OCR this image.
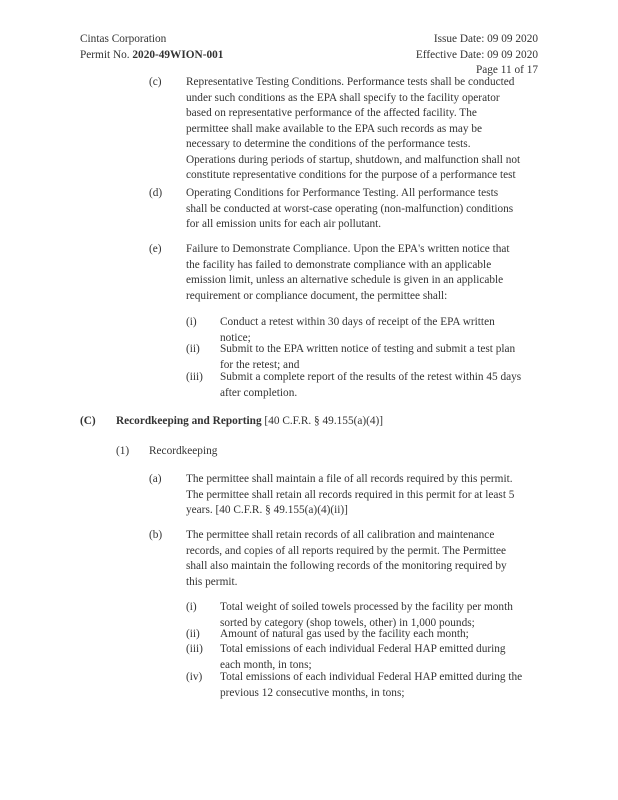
Cintas Corporation
Permit No. 2020-49WION-001
Issue Date: 09 09 2020
Effective Date: 09 09 2020
Page 11 of 17
(c) Representative Testing Conditions. Performance tests shall be conducted
under such conditions as the EPA shall specify to the facility operator
based on representative performance of the affected facility. The
permittee shall make available to the EPA such records as may be
necessary to determine the conditions of the performance tests.
Operations during periods of startup, shutdown, and malfunction shall not
constitute representative conditions for the purpose of a performance test
(d) Operating Conditions for Performance Testing. All performance tests
shall be conducted at worst-case operating (non-malfunction) conditions
for all emission units for each air pollutant.
(e) Failure to Demonstrate Compliance. Upon the EPA's written notice that
the facility has failed to demonstrate compliance with an applicable
emission limit, unless an alternative schedule is given in an applicable
requirement or compliance document, the permittee shall:
(i) Conduct a retest within 30 days of receipt of the EPA written
notice;
(ii) Submit to the EPA written notice of testing and submit a test plan
for the retest; and
(iii) Submit a complete report of the results of the retest within 45 days
after completion.
(C) Recordkeeping and Reporting [40 C.F.R. § 49.155(a)(4)]
(1) Recordkeeping
(a) The permittee shall maintain a file of all records required by this permit.
The permittee shall retain all records required in this permit for at least 5
years. [40 C.F.R. § 49.155(a)(4)(ii)]
(b) The permittee shall retain records of all calibration and maintenance
records, and copies of all reports required by the permit. The Permittee
shall also maintain the following records of the monitoring required by
this permit.
(i) Total weight of soiled towels processed by the facility per month
sorted by category (shop towels, other) in 1,000 pounds;
(ii) Amount of natural gas used by the facility each month;
(iii) Total emissions of each individual Federal HAP emitted during
each month, in tons;
(iv) Total emissions of each individual Federal HAP emitted during the
previous 12 consecutive months, in tons;
